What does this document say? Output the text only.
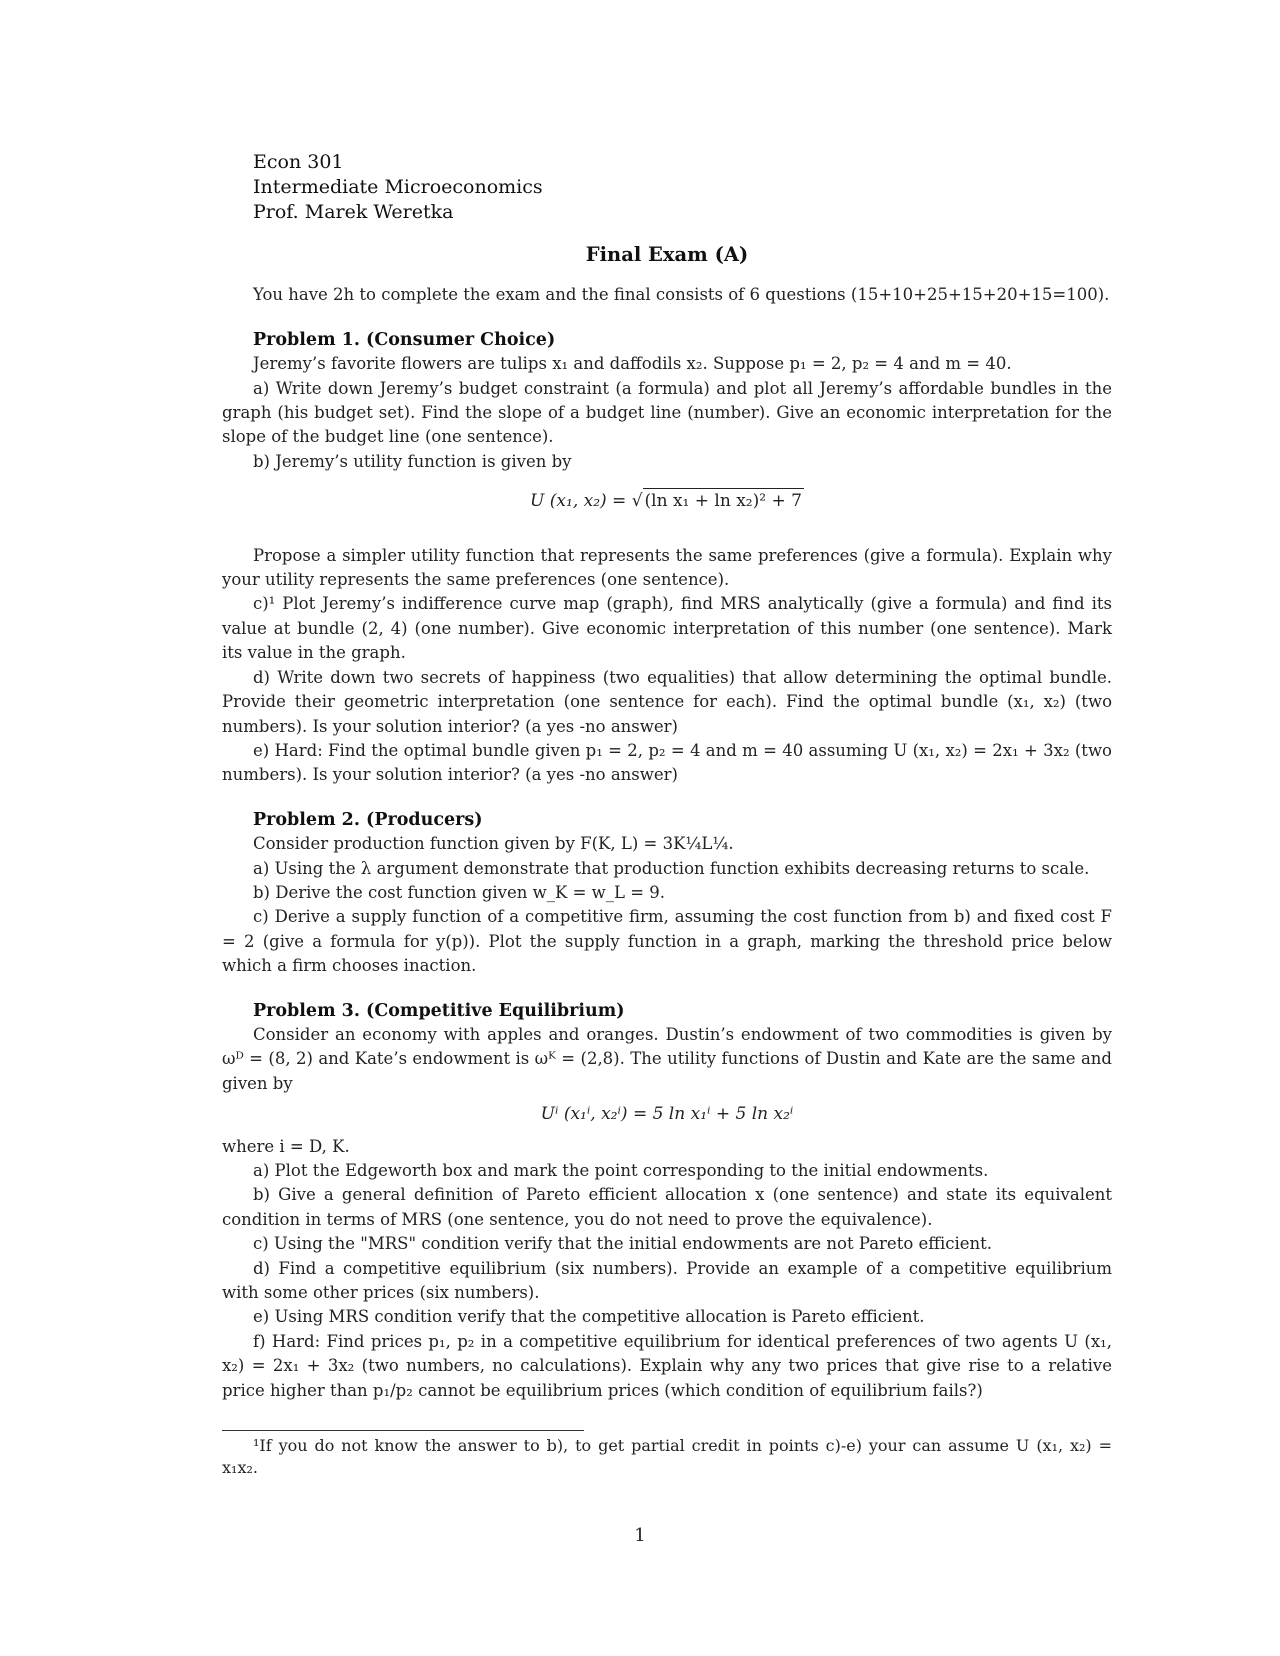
Econ 301
Intermediate Microeconomics
Prof. Marek Weretka
Final Exam (A)
You have 2h to complete the exam and the final consists of 6 questions (15+10+25+15+20+15=100).
Problem 1. (Consumer Choice)
Jeremy’s favorite flowers are tulips x₁ and daffodils x₂. Suppose p₁ = 2, p₂ = 4 and m = 40.
a) Write down Jeremy’s budget constraint (a formula) and plot all Jeremy’s affordable bundles in the graph (his budget set). Find the slope of a budget line (number). Give an economic interpretation for the slope of the budget line (one sentence).
b) Jeremy’s utility function is given by
U (x₁, x₂) = √ (ln x₁ + ln x₂)² + 7
Propose a simpler utility function that represents the same preferences (give a formula). Explain why your utility represents the same preferences (one sentence).
c)¹ Plot Jeremy’s indifference curve map (graph), find MRS analytically (give a formula) and find its value at bundle (2, 4) (one number). Give economic interpretation of this number (one sentence). Mark its value in the graph.
d) Write down two secrets of happiness (two equalities) that allow determining the optimal bundle. Provide their geometric interpretation (one sentence for each). Find the optimal bundle (x₁, x₂) (two numbers). Is your solution interior? (a yes -no answer)
e) Hard: Find the optimal bundle given p₁ = 2, p₂ = 4 and m = 40 assuming U (x₁, x₂) = 2x₁ + 3x₂ (two numbers). Is your solution interior? (a yes -no answer)
Problem 2. (Producers)
Consider production function given by F(K, L) = 3K¼L¼.
a) Using the λ argument demonstrate that production function exhibits decreasing returns to scale.
b) Derive the cost function given w_K = w_L = 9.
c) Derive a supply function of a competitive firm, assuming the cost function from b) and fixed cost F = 2 (give a formula for y(p)). Plot the supply function in a graph, marking the threshold price below which a firm chooses inaction.
Problem 3. (Competitive Equilibrium)
Consider an economy with apples and oranges. Dustin’s endowment of two commodities is given by ωᴰ = (8, 2) and Kate’s endowment is ωᴷ = (2,8). The utility functions of Dustin and Kate are the same and given by
Uⁱ (x₁ⁱ, x₂ⁱ) = 5 ln x₁ⁱ + 5 ln x₂ⁱ
where i = D, K.
a) Plot the Edgeworth box and mark the point corresponding to the initial endowments.
b) Give a general definition of Pareto efficient allocation x (one sentence) and state its equivalent condition in terms of MRS (one sentence, you do not need to prove the equivalence).
c) Using the "MRS" condition verify that the initial endowments are not Pareto efficient.
d) Find a competitive equilibrium (six numbers). Provide an example of a competitive equilibrium with some other prices (six numbers).
e) Using MRS condition verify that the competitive allocation is Pareto efficient.
f) Hard: Find prices p₁, p₂ in a competitive equilibrium for identical preferences of two agents U (x₁, x₂) = 2x₁ + 3x₂ (two numbers, no calculations). Explain why any two prices that give rise to a relative price higher than p₁/p₂ cannot be equilibrium prices (which condition of equilibrium fails?)
¹If you do not know the answer to b), to get partial credit in points c)-e) your can assume U (x₁, x₂) = x₁x₂.
1
